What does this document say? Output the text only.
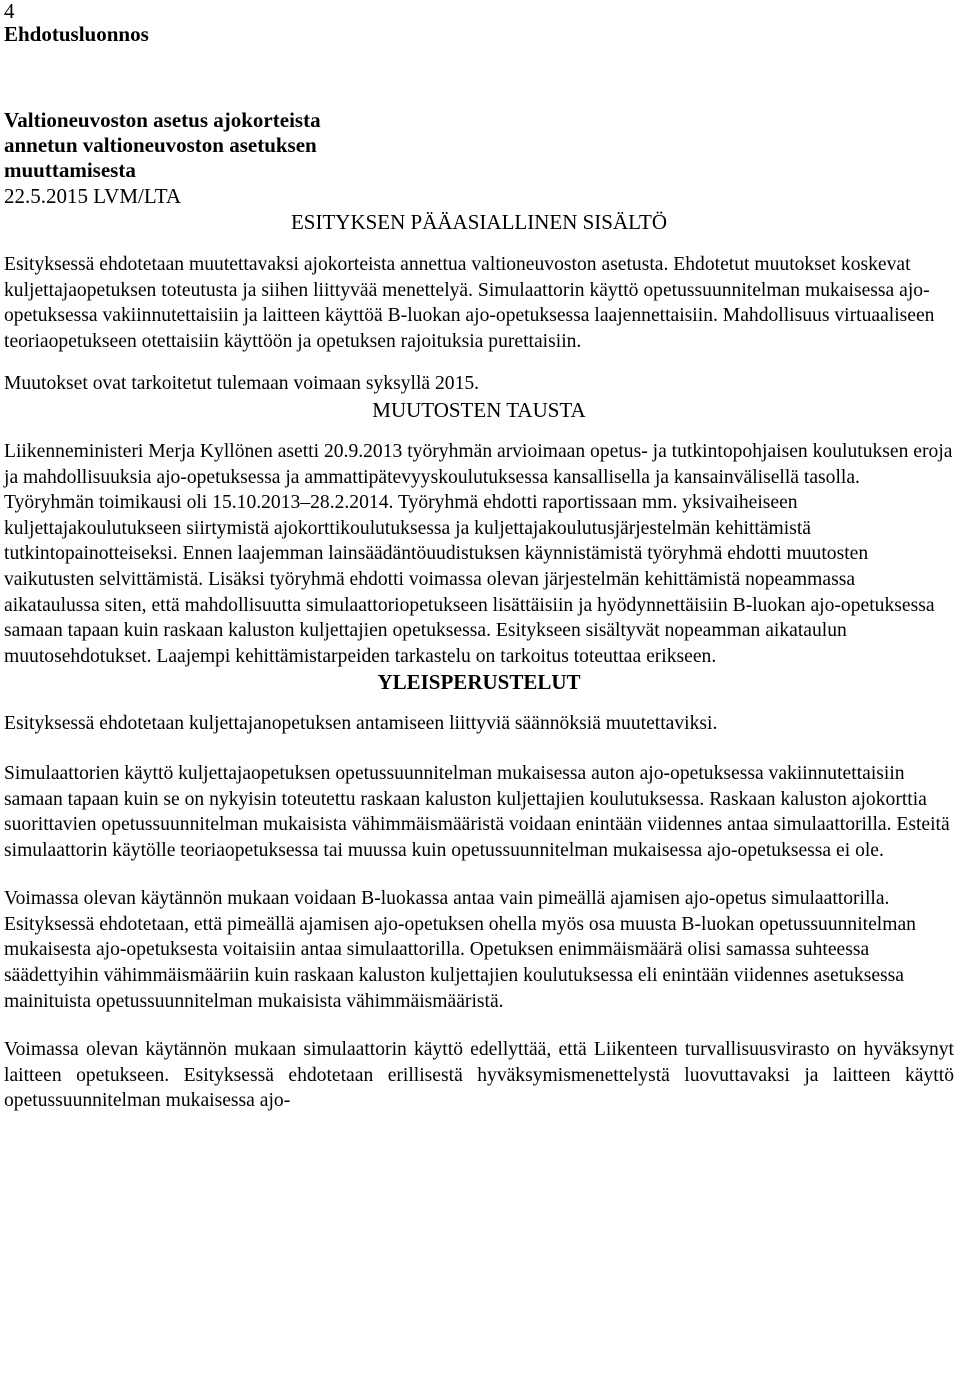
4
Ehdotusluonnos
Valtioneuvoston asetus ajokorteista
annetun valtioneuvoston asetuksen
muuttamisesta
22.5.2015 LVM/LTA
ESITYKSEN PÄÄASIALLINEN SISÄLTÖ

Esityksessä ehdotetaan muutettavaksi ajokorteista annettua valtioneuvoston asetusta. Ehdotetut muutokset koskevat kuljettajaopetuksen toteutusta ja siihen liittyvää menettelyä. Simulaattorin käyttö opetussuunnitelman mukaisessa ajo-opetuksessa vakiinnutettaisiin ja laitteen käyttöä B-luokan ajo-opetuksessa laajennettaisiin. Mahdollisuus virtuaaliseen teoriaopetukseen otettaisiin käyttöön ja opetuksen rajoituksia purettaisiin.

Muutokset ovat tarkoitetut tulemaan voimaan syksyllä 2015.

MUUTOSTEN TAUSTA

Liikenneministeri Merja Kyllönen asetti 20.9.2013 työryhmän arvioimaan opetus- ja tutkintopohjaisen koulutuksen eroja ja mahdollisuuksia ajo-opetuksessa ja ammattipätevyyskoulutuksessa kansallisella ja kansainvälisellä tasolla. Työryhmän toimikausi oli 15.10.2013–28.2.2014. Työryhmä ehdotti raportissaan mm. yksivaiheiseen kuljettajakoulutukseen siirtymistä ajokorttikoulutuksessa ja kuljettajakoulutusjärjestelmän kehittämistä tutkintopainotteiseksi. Ennen laajemman lainsäädäntöuudistuksen käynnistämistä työryhmä ehdotti muutosten vaikutusten selvittämistä. Lisäksi työryhmä ehdotti voimassa olevan järjestelmän kehittämistä nopeammassa aikataulussa siten, että mahdollisuutta simulaattoriopetukseen lisättäisiin ja hyödynnettäisiin B-luokan ajo-opetuksessa samaan tapaan kuin raskaan kaluston kuljettajien opetuksessa. Esitykseen sisältyvät nopeamman aikataulun muutosehdotukset. Laajempi kehittämistarpeiden tarkastelu on tarkoitus toteuttaa erikseen.

YLEISPERUSTELUT

Esityksessä ehdotetaan kuljettajanopetuksen antamiseen liittyviä säännöksiä muutettaviksi.

Simulaattorien käyttö kuljettajaopetuksen opetussuunnitelman mukaisessa auton ajo-opetuksessa vakiinnutettaisiin samaan tapaan kuin se on nykyisin toteutettu raskaan kaluston kuljettajien koulutuksessa. Raskaan kaluston ajokorttia suorittavien opetussuunnitelman mukaisista vähimmäismääristä voidaan enintään viidennes antaa simulaattorilla. Esteitä simulaattorin käytölle teoriaopetuksessa tai muussa kuin opetussuunnitelman mukaisessa ajo-opetuksessa ei ole.

Voimassa olevan käytännön mukaan voidaan B-luokassa antaa vain pimeällä ajamisen ajo-opetus simulaattorilla. Esityksessä ehdotetaan, että pimeällä ajamisen ajo-opetuksen ohella myös osa muusta B-luokan opetussuunnitelman mukaisesta ajo-opetuksesta voitaisiin antaa simulaattorilla. Opetuksen enimmäismäärä olisi samassa suhteessa säädettyihin vähimmäismääriin kuin raskaan kaluston kuljettajien koulutuksessa eli enintään viidennes asetuksessa mainituista opetussuunnitelman mukaisista vähimmäismääristä.

Voimassa olevan käytännön mukaan simulaattorin käyttö edellyttää, että Liikenteen turvallisuusvirasto on hyväksynyt laitteen opetukseen. Esityksessä ehdotetaan erillisestä hyväksymismenettelystä luovuttavaksi ja laitteen käyttö opetussuunnitelman mukaisessa ajo-
